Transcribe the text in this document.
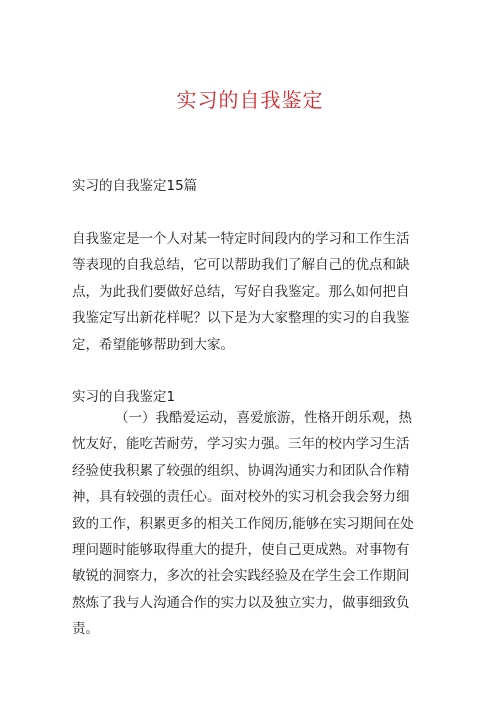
实习的自我鉴定
实习的自我鉴定15篇
自我鉴定是一个人对某一特定时间段内的学习和工作生活
等表现的自我总结，它可以帮助我们了解自己的优点和缺
点，为此我们要做好总结，写好自我鉴定。那么如何把自
我鉴定写出新花样呢？以下是为大家整理的实习的自我鉴
定，希望能够帮助到大家。
实习的自我鉴定1
（一）我酷爱运动，喜爱旅游，性格开朗乐观，热
忱友好，能吃苦耐劳，学习实力强。三年的校内学习生活
经验使我积累了较强的组织、协调沟通实力和团队合作精
神，具有较强的责任心。面对校外的实习机会我会努力细
致的工作，积累更多的相关工作阅历,能够在实习期间在处
理问题时能够取得重大的提升，使自己更成熟。对事物有
敏锐的洞察力，多次的社会实践经验及在学生会工作期间
熬炼了我与人沟通合作的实力以及独立实力，做事细致负
责。
